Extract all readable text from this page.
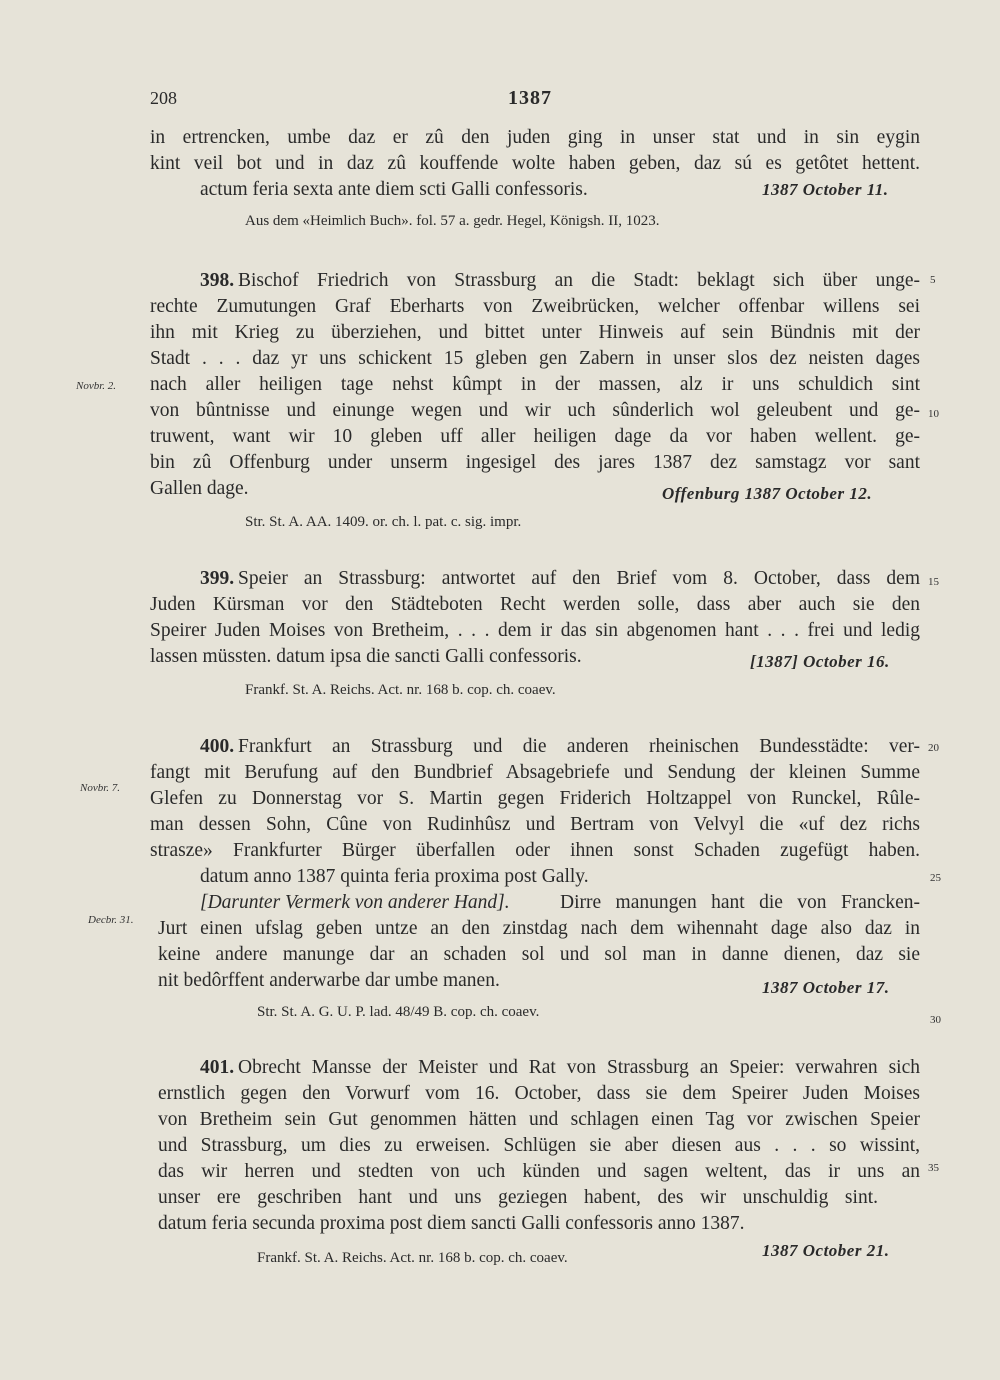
208	1387
in ertrencken, umbe daz er zû den juden ging in unser stat und in sin eygin
kint veil bot und in daz zû kouffende wolte haben geben, daz sú es getôtet hettent.
actum feria sexta ante diem scti Galli confessoris.	1387 October 11.
Aus dem «Heimlich Buch». fol. 57 a. gedr. Hegel, Königsh. II, 1023.
398. Bischof Friedrich von Strassburg an die Stadt: beklagt sich über unge-
rechte Zumutungen Graf Eberharts von Zweibrücken, welcher offenbar willens sei
ihn mit Krieg zu überziehen, und bittet unter Hinweis auf sein Bündnis mit der
Stadt . . . daz yr uns schickent 15 gleben gen Zabern in unser slos dez neisten dages
nach aller heiligen tage nehst kûmpt in der massen, alz ir uns schuldich sint
von bûntnisse und einunge wegen und wir uch sûnderlich wol geleubent und ge-
truwent, want wir 10 gleben uff aller heiligen dage da vor haben wellent. ge-
bin zû Offenburg under unserm ingesigel des jares 1387 dez samstagz vor sant
Gallen dage.	Offenburg 1387 October 12.
Str. St. A. AA. 1409. or. ch. l. pat. c. sig. impr.
Novbr. 2.
399. Speier an Strassburg: antwortet auf den Brief vom 8. October, dass dem
Juden Kürsman vor den Städteboten Recht werden solle, dass aber auch sie den
Speirer Juden Moises von Bretheim, . . . dem ir das sin abgenomen hant . . . frei und ledig
lassen müssten. datum ipsa die sancti Galli confessoris.	[1387] October 16.
Frankf. St. A. Reichs. Act. nr. 168 b. cop. ch. coaev.
400. Frankfurt an Strassburg und die anderen rheinischen Bundesstädte: ver-
fangt mit Berufung auf den Bundbrief Absagebriefe und Sendung der kleinen Summe
Glefen zu Donnerstag vor S. Martin gegen Friderich Holtzappel von Runckel, Rûle-
man dessen Sohn, Cûne von Rudinhûsz und Bertram von Velvyl die «uf dez richs
strasze» Frankfurter Bürger überfallen oder ihnen sonst Schaden zugefügt haben.
datum anno 1387 quinta feria proxima post Gally.
[Darunter Vermerk von anderer Hand].	Dirre manungen hant die von Francken-
Jurt einen ufslag geben untze an den zinstdag nach dem wihennaht dage also daz in
keine andere manunge dar an schaden sol und sol man in danne dienen, daz sie
nit bedôrffent anderwarbe dar umbe manen.	1387 October 17.
Str. St. A. G. U. P. lad. 48/49 B. cop. ch. coaev.
Novbr. 7.
Decbr. 31.
401. Obrecht Mansse der Meister und Rat von Strassburg an Speier: verwahren sich
ernstlich gegen den Vorwurf vom 16. October, dass sie dem Speirer Juden Moises
von Bretheim sein Gut genommen hätten und schlagen einen Tag vor zwischen Speier
und Strassburg, um dies zu erweisen. Schlügen sie aber diesen aus . . . so wissint,
das wir herren und stedten von uch künden und sagen weltent, das ir uns an
unser ere geschriben hant und uns geziegen habent, des wir unschuldig sint.
datum feria secunda proxima post diem sancti Galli confessoris anno 1387.
1387 October 21.
Frankf. St. A. Reichs. Act. nr. 168 b. cop. ch. coaev.
5
10
15
20
25
30
35
